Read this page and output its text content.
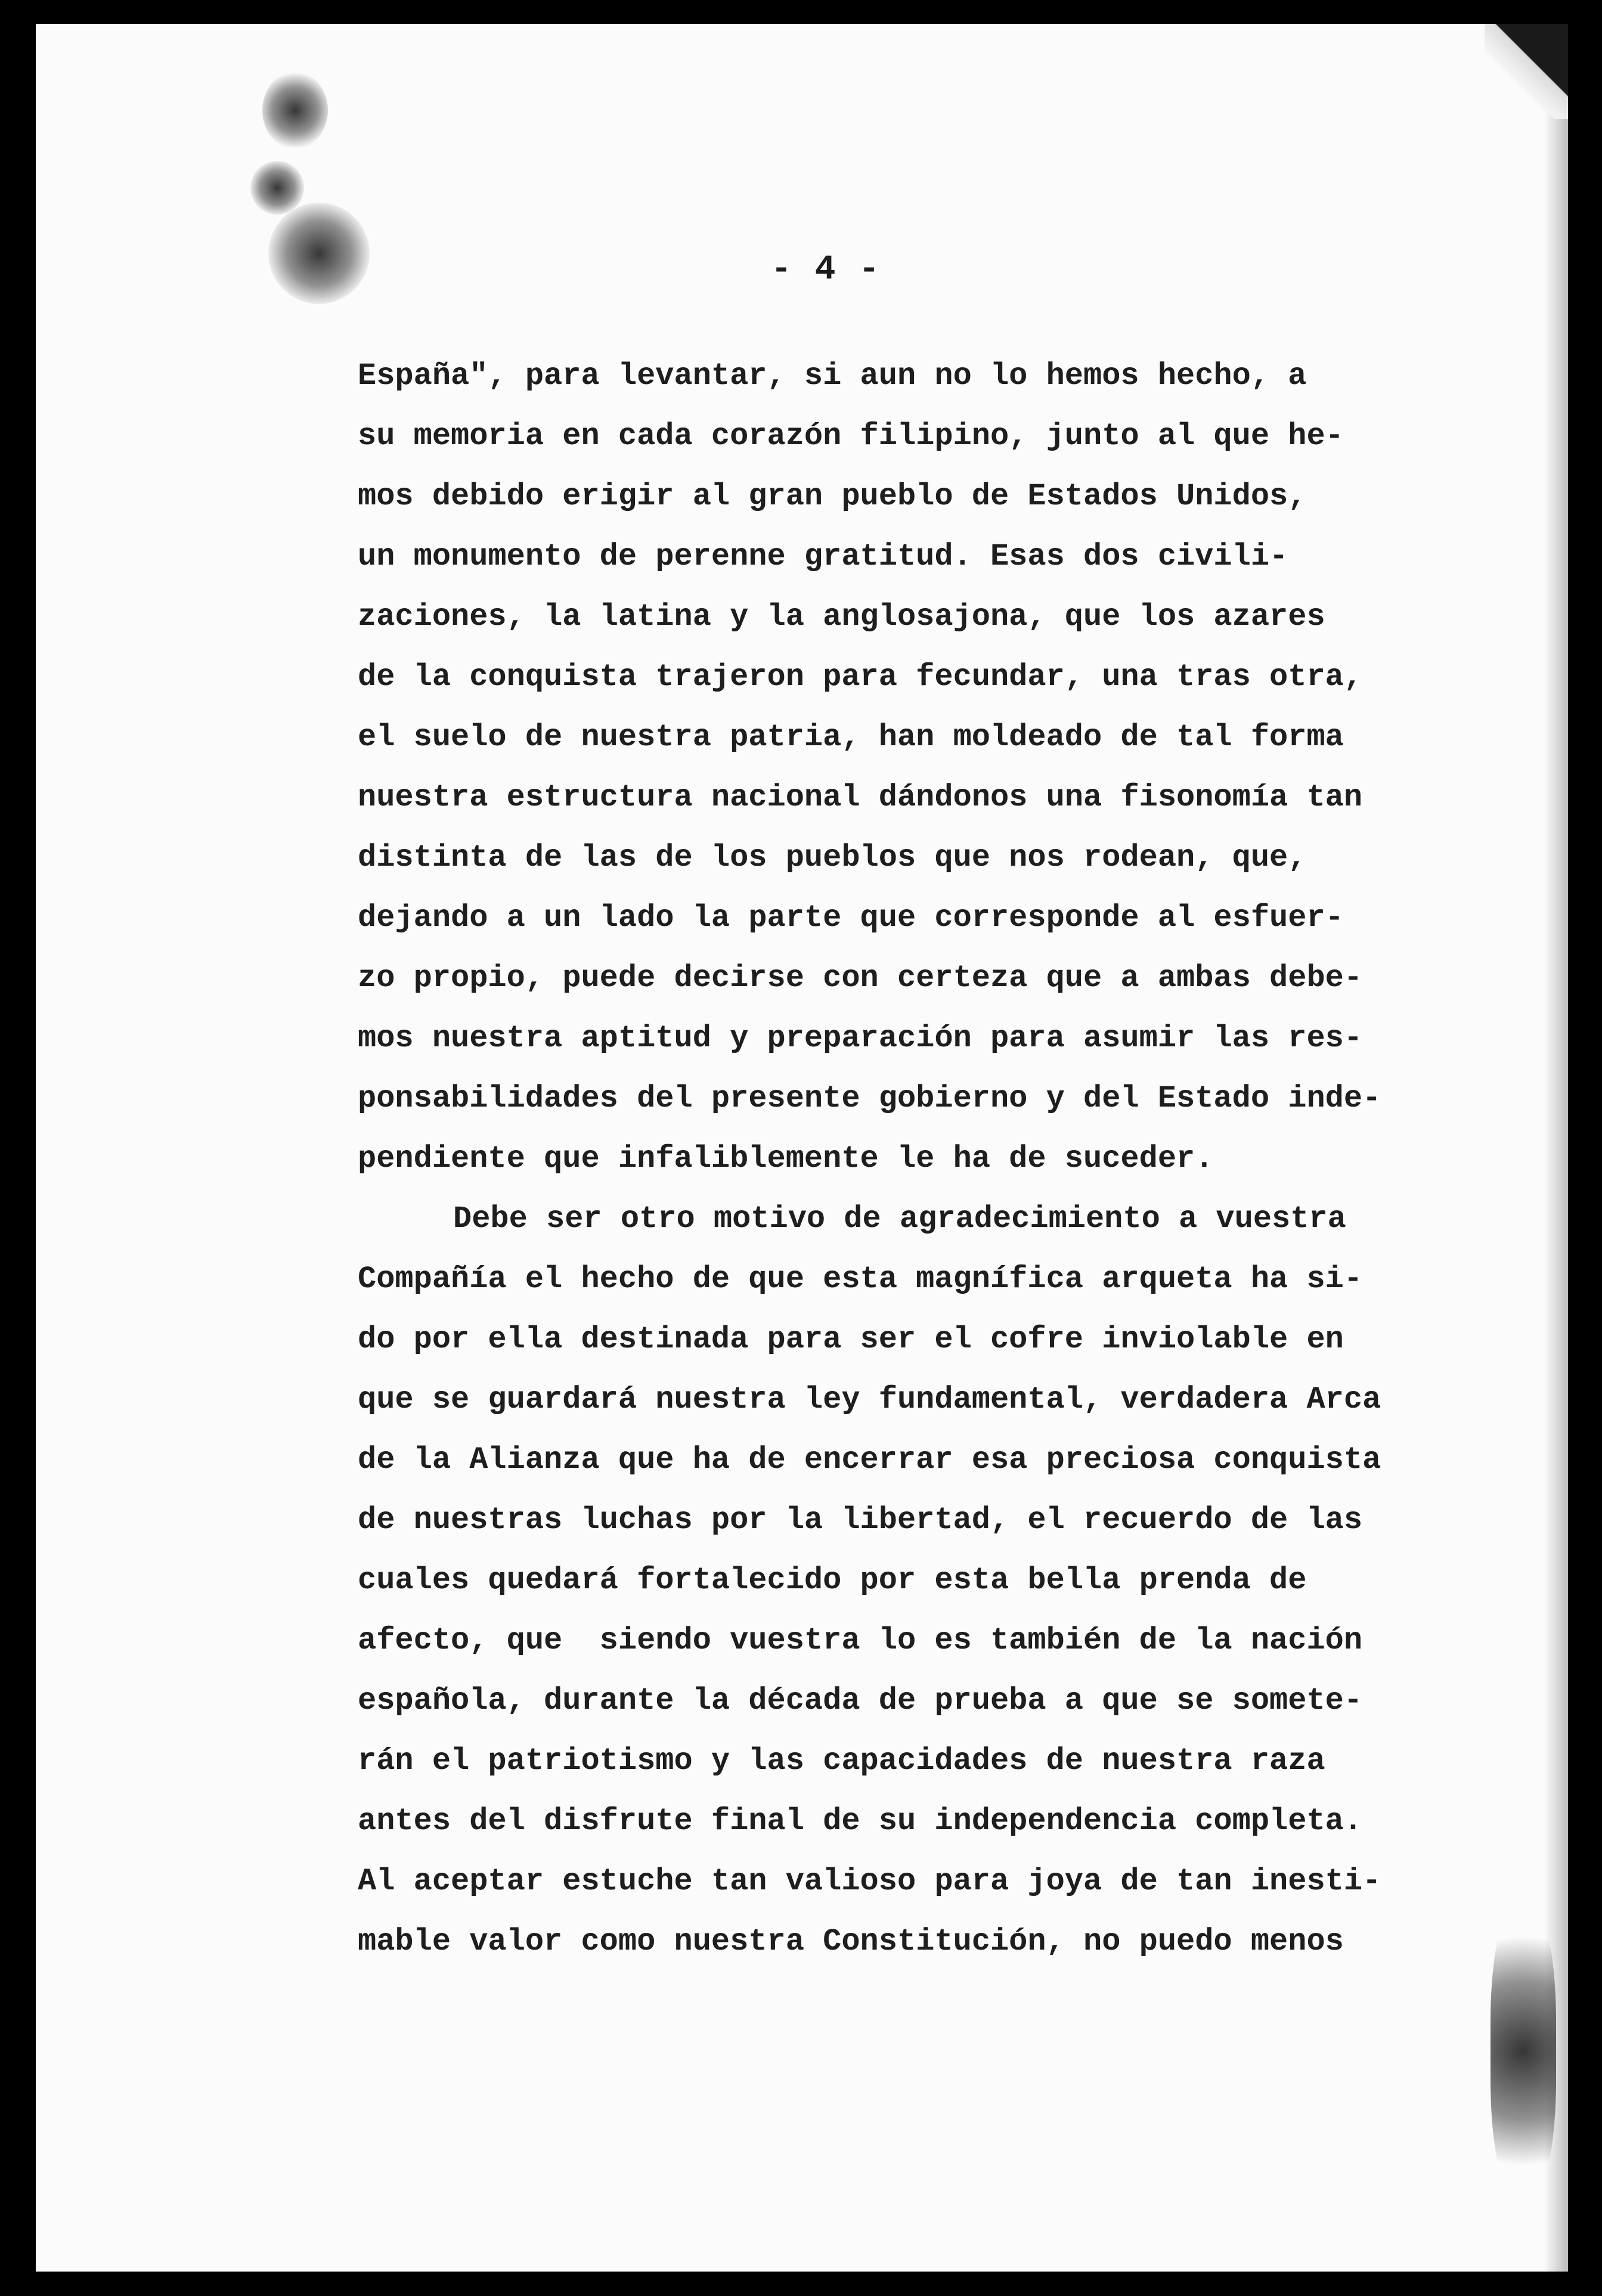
- 4 -
España", para levantar, si aun no lo hemos hecho, a
su memoria en cada corazón filipino, junto al que he-
mos debido erigir al gran pueblo de Estados Unidos,
un monumento de perenne gratitud. Esas dos civili-
zaciones, la latina y la anglosajona, que los azares
de la conquista trajeron para fecundar, una tras otra,
el suelo de nuestra patria, han moldeado de tal forma
nuestra estructura nacional dándonos una fisonomía tan
distinta de las de los pueblos que nos rodean, que,
dejando a un lado la parte que corresponde al esfuer-
zo propio, puede decirse con certeza que a ambas debe-
mos nuestra aptitud y preparación para asumir las res-
ponsabilidades del presente gobierno y del Estado inde-
pendiente que infaliblemente le ha de suceder.
Debe ser otro motivo de agradecimiento a vuestra
Compañía el hecho de que esta magnífica arqueta ha si-
do por ella destinada para ser el cofre inviolable en
que se guardará nuestra ley fundamental, verdadera Arca
de la Alianza que ha de encerrar esa preciosa conquista
de nuestras luchas por la libertad, el recuerdo de las
cuales quedará fortalecido por esta bella prenda de
afecto, que  siendo vuestra lo es también de la nación
española, durante la década de prueba a que se somete-
rán el patriotismo y las capacidades de nuestra raza
antes del disfrute final de su independencia completa.
Al aceptar estuche tan valioso para joya de tan inesti-
mable valor como nuestra Constitución, no puedo menos
